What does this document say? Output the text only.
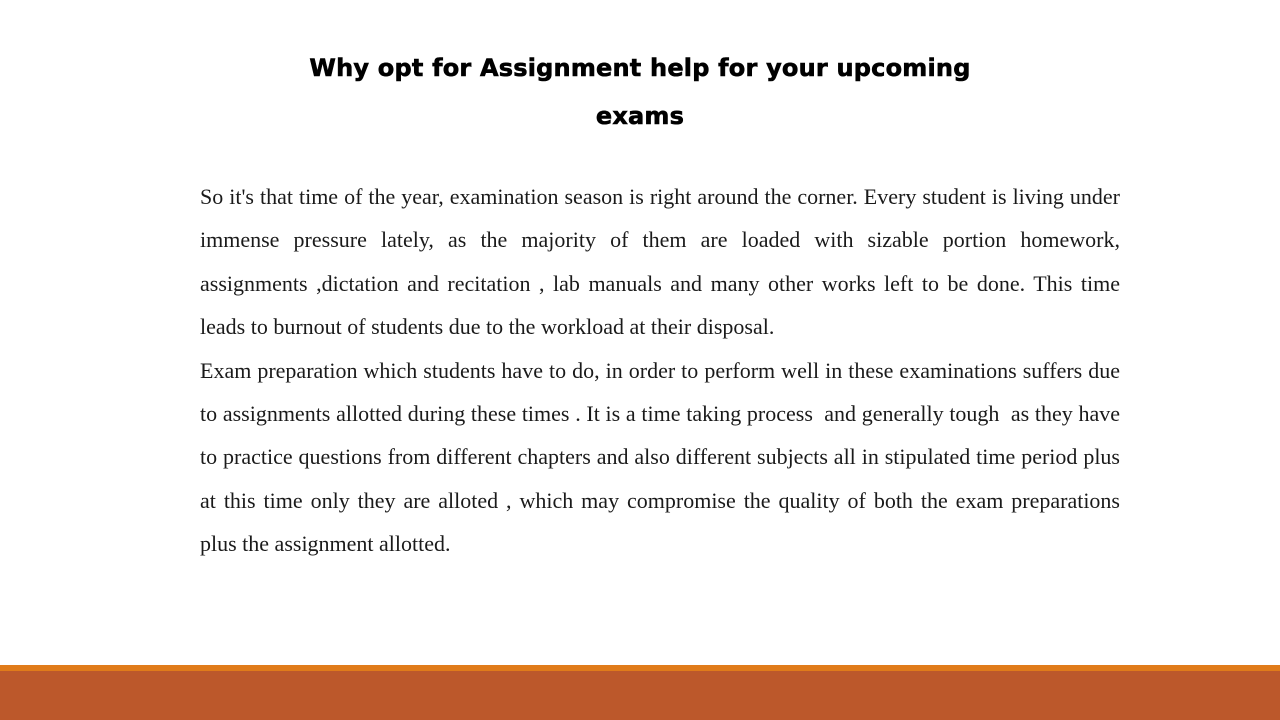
Why opt for Assignment help for your upcoming
exams

So it's that time of the year, examination season is right around the corner. Every student is living under immense pressure lately, as the majority of them are loaded with sizable portion homework, assignments ,dictation and recitation , lab manuals and many other works left to be done. This time leads to burnout of students due to the workload at their disposal.

Exam preparation which students have to do, in order to perform well in these examinations suffers due to assignments allotted during these times . It is a time taking process  and generally tough  as they have to practice questions from different chapters and also different subjects all in stipulated time period plus at this time only they are alloted , which may compromise the quality of both the exam preparations plus the assignment allotted.
